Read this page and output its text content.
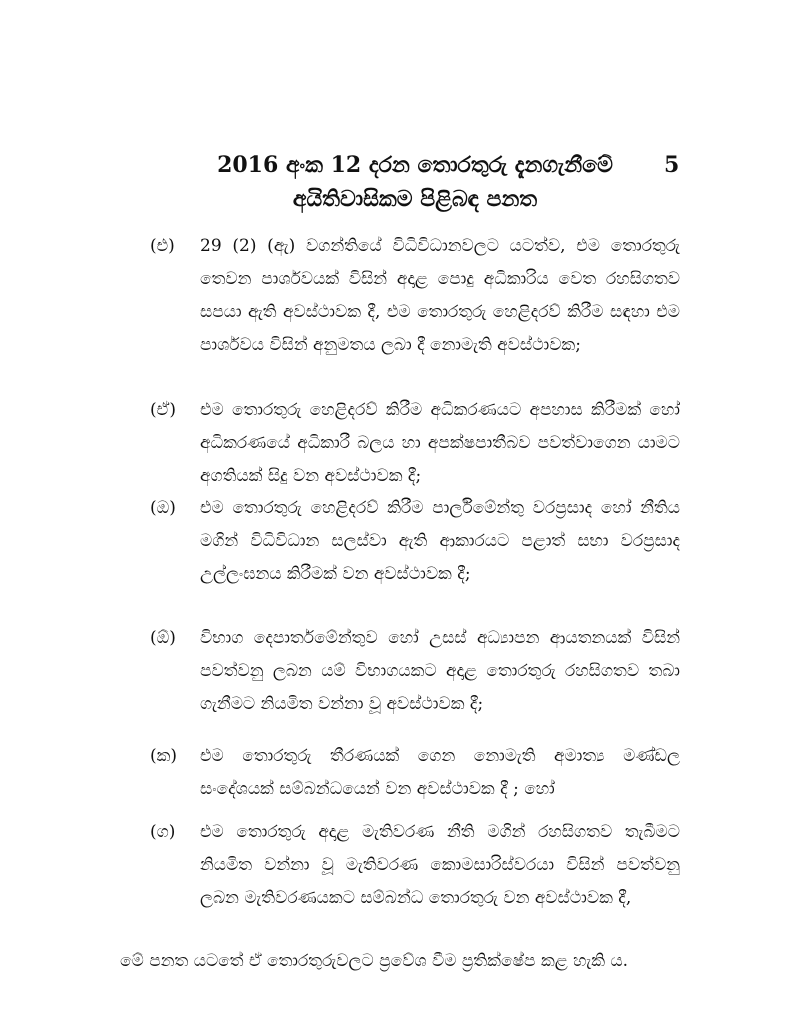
2016 අංක 12 දරන තොරතුරු දැනගැනීමේ
අයිතිවාසිකම පිළිබඳ පනත
5
(එ)	29 (2) (ඇ) වගන්තියේ විධිවිධානවලට යටත්ව, එම තොරතුරු තෙවන පාර්ශවයක් විසින් අදාළ පොදු අධිකාරිය වෙත රහසිගතව සපයා ඇති අවස්ථාවක දී, එම තොරතුරු හෙළිදරව් කිරීම සඳහා එම පාර්ශවය විසින් අනුමතය ලබා දී නොමැති අවස්ථාවක;
(ඒ)	එම තොරතුරු හෙළිදරව් කිරීම අධිකරණයට අපහාස කිරීමක් හෝ අධිකරණයේ අධිකාරී බලය හා අපක්ෂපාතීබව පවත්වාගෙන යාමට අගතියක් සිදු වන අවස්ථාවක දී;
(ඔ)	එම තොරතුරු හෙළිදරව් කිරීම පාර්ලිමේන්තු වරප්‍රසාද හෝ නීතිය මගින් විධිවිධාන සලස්වා ඇති ආකාරයට පළාත් සභා වරප්‍රසාද උල්ලංඝනය කිරීමක් වන අවස්ථාවක දී;
(ඕ)	විභාග දෙපාර්තමේන්තුව හෝ උසස් අධ්‍යාපන ආයතනයක් විසින් පවත්වනු ලබන යම් විභාගයකට අදාළ තොරතුරු රහසිගතව තබා ගැනීමට නියමිත වන්නා වූ අවස්ථාවක දී;
(ක)	එම තොරතුරු තීරණයක් ගෙන නොමැති අමාත්‍ය මණ්ඩල සංදේශයක් සම්බන්ධයෙන් වන අවස්ථාවක දී ; හෝ
(ග)	එම තොරතුරු අදාළ මැතිවරණ නීති මගින් රහසිගතව තැබීමට නියමිත වන්නා වූ මැතිවරණ කොමසාරිස්වරයා විසින් පවත්වනු ලබන මැතිවරණයකට සම්බන්ධ තොරතුරු වන අවස්ථාවක දී,
මේ පනත යටතේ ඒ තොරතුරුවලට ප්‍රවේශ වීම ප්‍රතික්ෂේප කළ හැකි ය.
